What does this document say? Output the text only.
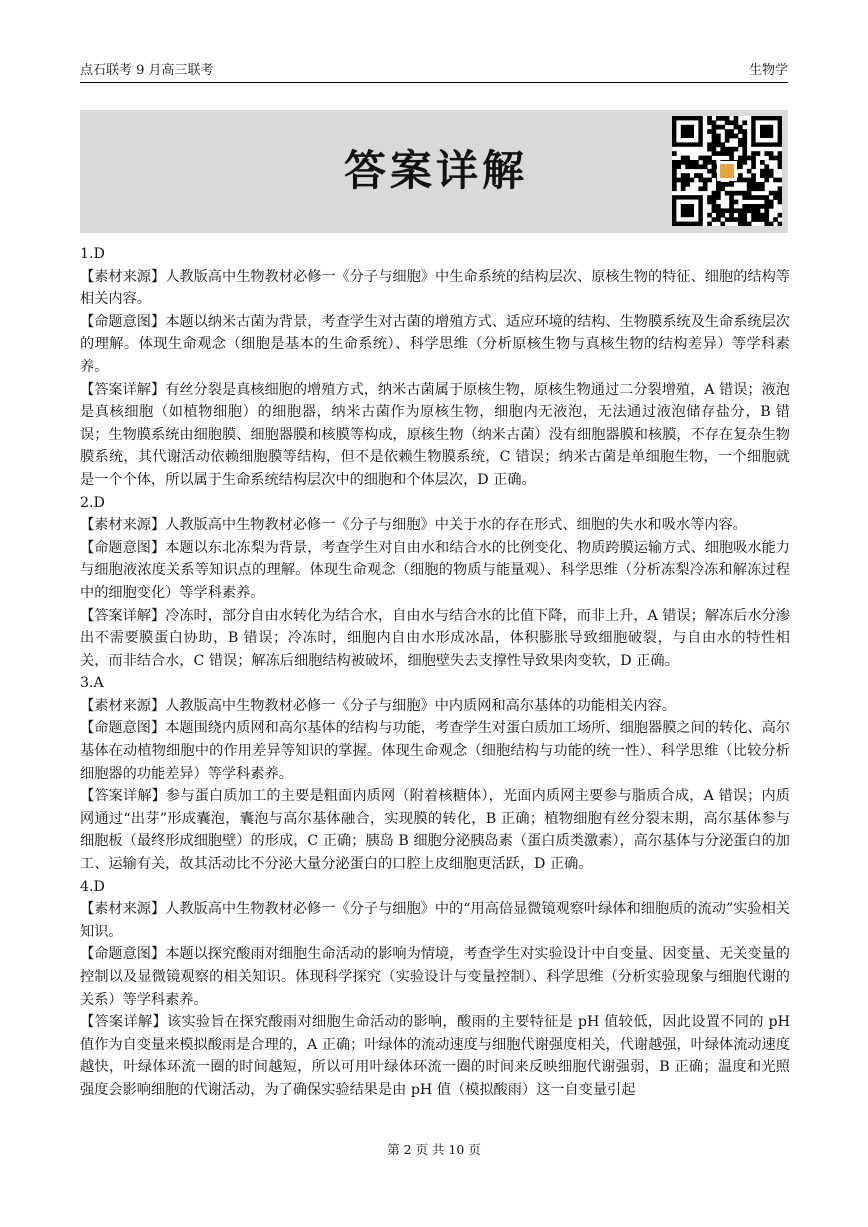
点石联考 9 月高三联考	生物学
答案详解

1.D

【素材来源】人教版高中生物教材必修一《分子与细胞》中生命系统的结构层次、原核生物的特征、细胞的结构等相关内容。

【命题意图】本题以纳米古菌为背景，考查学生对古菌的增殖方式、适应环境的结构、生物膜系统及生命系统层次的理解。体现生命观念（细胞是基本的生命系统）、科学思维（分析原核生物与真核生物的结构差异）等学科素养。

【答案详解】有丝分裂是真核细胞的增殖方式，纳米古菌属于原核生物，原核生物通过二分裂增殖，A 错误；液泡是真核细胞（如植物细胞）的细胞器，纳米古菌作为原核生物，细胞内无液泡，无法通过液泡储存盐分，B 错误；生物膜系统由细胞膜、细胞器膜和核膜等构成，原核生物（纳米古菌）没有细胞器膜和核膜，不存在复杂生物膜系统，其代谢活动依赖细胞膜等结构，但不是依赖生物膜系统，C 错误；纳米古菌是单细胞生物，一个细胞就是一个个体，所以属于生命系统结构层次中的细胞和个体层次，D 正确。

2.D

【素材来源】人教版高中生物教材必修一《分子与细胞》中关于水的存在形式、细胞的失水和吸水等内容。

【命题意图】本题以东北冻梨为背景，考查学生对自由水和结合水的比例变化、物质跨膜运输方式、细胞吸水能力与细胞液浓度关系等知识点的理解。体现生命观念（细胞的物质与能量观）、科学思维（分析冻梨冷冻和解冻过程中的细胞变化）等学科素养。

【答案详解】冷冻时，部分自由水转化为结合水，自由水与结合水的比值下降，而非上升，A 错误；解冻后水分渗出不需要膜蛋白协助，B 错误；冷冻时，细胞内自由水形成冰晶，体积膨胀导致细胞破裂，与自由水的特性相关，而非结合水，C 错误；解冻后细胞结构被破坏，细胞壁失去支撑性导致果肉变软，D 正确。

3.A

【素材来源】人教版高中生物教材必修一《分子与细胞》中内质网和高尔基体的功能相关内容。

【命题意图】本题围绕内质网和高尔基体的结构与功能，考查学生对蛋白质加工场所、细胞器膜之间的转化、高尔基体在动植物细胞中的作用差异等知识的掌握。体现生命观念（细胞结构与功能的统一性）、科学思维（比较分析细胞器的功能差异）等学科素养。

【答案详解】参与蛋白质加工的主要是粗面内质网（附着核糖体），光面内质网主要参与脂质合成，A 错误；内质网通过“出芽”形成囊泡，囊泡与高尔基体融合，实现膜的转化，B 正确；植物细胞有丝分裂末期，高尔基体参与细胞板（最终形成细胞壁）的形成，C 正确；胰岛 B 细胞分泌胰岛素（蛋白质类激素），高尔基体与分泌蛋白的加工、运输有关，故其活动比不分泌大量分泌蛋白的口腔上皮细胞更活跃，D 正确。

4.D

【素材来源】人教版高中生物教材必修一《分子与细胞》中的“用高倍显微镜观察叶绿体和细胞质的流动”实验相关知识。

【命题意图】本题以探究酸雨对细胞生命活动的影响为情境，考查学生对实验设计中自变量、因变量、无关变量的控制以及显微镜观察的相关知识。体现科学探究（实验设计与变量控制）、科学思维（分析实验现象与细胞代谢的关系）等学科素养。

【答案详解】该实验旨在探究酸雨对细胞生命活动的影响，酸雨的主要特征是 pH 值较低，因此设置不同的 pH 值作为自变量来模拟酸雨是合理的，A 正确；叶绿体的流动速度与细胞代谢强度相关，代谢越强，叶绿体流动速度越快，叶绿体环流一圈的时间越短，所以可用叶绿体环流一圈的时间来反映细胞代谢强弱，B 正确；温度和光照强度会影响细胞的代谢活动，为了确保实验结果是由 pH 值（模拟酸雨）这一自变量引起

第 2 页 共 10 页
